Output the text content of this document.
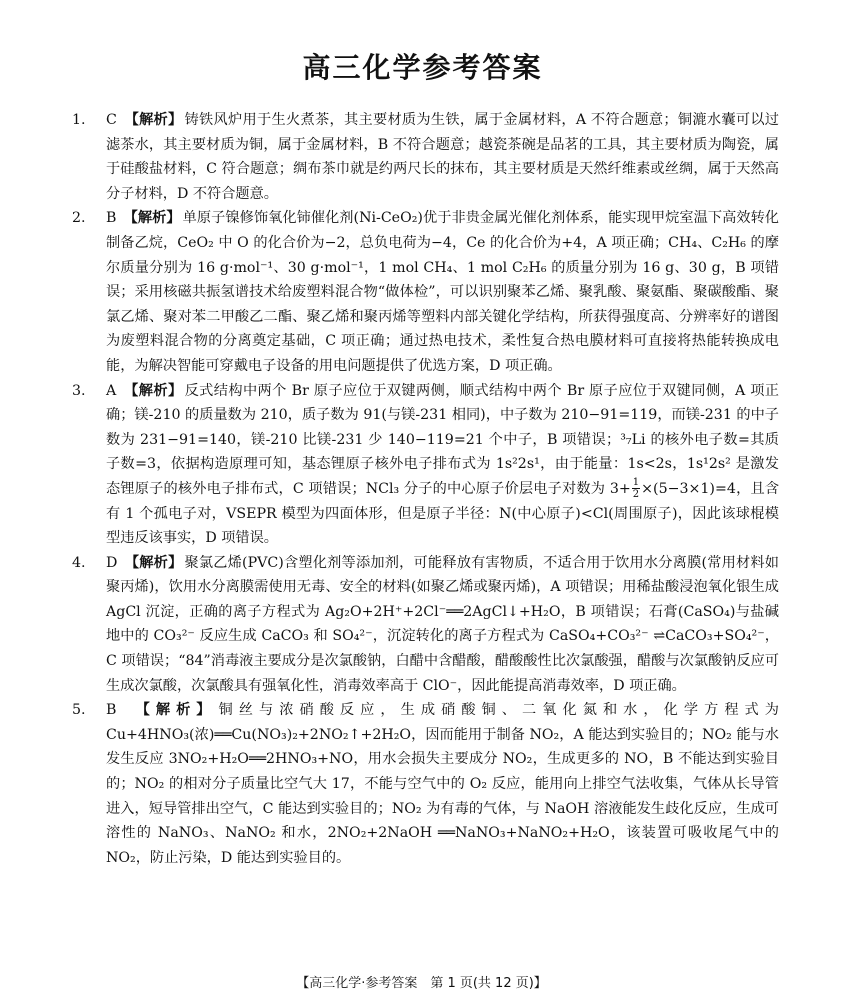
高三化学参考答案

1. C　 【解析】 铸铁风炉用于生火煮茶，其主要材质为生铁，属于金属材料，A 不符合题意；铜漉水囊可以过滤茶水，其主要材质为铜，属于金属材料，B 不符合题意；越瓷茶碗是品茗的工具，其主要材质为陶瓷，属于硅酸盐材料，C 符合题意；绸布茶巾就是约两尺长的抹布，其主要材质是天然纤维素或丝绸，属于天然高分子材料，D 不符合题意。

2. B　 【解析】 单原子镍修饰氧化铈催化剂(Ni-CeO₂)优于非贵金属光催化剂体系，能实现甲烷室温下高效转化制备乙烷，CeO₂ 中 O 的化合价为−2，总负电荷为−4，Ce 的化合价为+4，A 项正确；CH₄、C₂H₆ 的摩尔质量分别为 16 g·mol⁻¹、30 g·mol⁻¹，1 mol CH₄、1 mol C₂H₆ 的质量分别为 16 g、30 g，B 项错误；采用核磁共振氢谱技术给废塑料混合物“做体检”，可以识别聚苯乙烯、聚乳酸、聚氨酯、聚碳酸酯、聚氯乙烯、聚对苯二甲酸乙二酯、聚乙烯和聚丙烯等塑料内部关键化学结构，所获得强度高、分辨率好的谱图为废塑料混合物的分离奠定基础，C 项正确；通过热电技术，柔性复合热电膜材料可直接将热能转换成电能，为解决智能可穿戴电子设备的用电问题提供了优选方案，D 项正确。

3. A　 【解析】 反式结构中两个 Br 原子应位于双键两侧，顺式结构中两个 Br 原子应位于双键同侧，A 项正确；镁-210 的质量数为 210，质子数为 91(与镁-231 相同)，中子数为 210−91=119，而镁-231 的中子数为 231−91=140，镁-210 比镁-231 少 140−119=21 个中子，B 项错误；³₇Li 的核外电子数=其质子数=3，依据构造原理可知，基态锂原子核外电子排布式为 1s²2s¹，由于能量：1s<2s，1s¹2s² 是激发态锂原子的核外电子排布式，C 项错误；NCl₃ 分子的中心原子价层电子对数为 $3+ \frac{1}{2} \times(5-3\times 1)=4$，且含有 1 个孤电子对，VSEPR 模型为四面体形，但是原子半径：N(中心原子)<Cl(周围原子)，因此该球棍模型违反该事实，D 项错误。

4. D　 【解析】 聚氯乙烯(PVC)含塑化剂等添加剂，可能释放有害物质，不适合用于饮用水分离膜(常用材料如聚丙烯)，饮用水分离膜需使用无毒、安全的材料(如聚乙烯或聚丙烯)，A 项错误；用稀盐酸浸泡氧化银生成 AgCl 沉淀，正确的离子方程式为 Ag₂O+2H⁺+2Cl⁻══2AgCl↓+H₂O，B 项错误；石膏(CaSO₄)与盐碱地中的 CO₃²⁻ 反应生成 CaCO₃ 和 SO₄²⁻，沉淀转化的离子方程式为 CaSO₄+CO₃²⁻ ⇌CaCO₃+SO₄²⁻，C 项错误；“84”消毒液主要成分是次氯酸钠，白醋中含醋酸，醋酸酸性比次氯酸强，醋酸与次氯酸钠反应可生成次氯酸，次氯酸具有强氧化性，消毒效率高于 ClO⁻，因此能提高消毒效率，D 项正确。

5. B　 【解析】 铜丝与浓硝酸反应，生成硝酸铜、二氧化氮和水，化学方程式为 Cu+4HNO₃(浓)══Cu(NO₃)₂+2NO₂↑+2H₂O，因而能用于制备 NO₂，A 能达到实验目的；NO₂ 能与水发生反应 3NO₂+H₂O══2HNO₃+NO，用水会损失主要成分 NO₂，生成更多的 NO，B 不能达到实验目的；NO₂ 的相对分子质量比空气大 17，不能与空气中的 O₂ 反应，能用向上排空气法收集，气体从长导管进入，短导管排出空气，C 能达到实验目的；NO₂ 为有毒的气体，与 NaOH 溶液能发生歧化反应，生成可溶性的 NaNO₃、NaNO₂ 和水，2NO₂+2NaOH ══NaNO₃+NaNO₂+H₂O，该装置可吸收尾气中的 NO₂，防止污染，D 能达到实验目的。

【高三化学·参考答案　第 1 页(共 12 页)】
